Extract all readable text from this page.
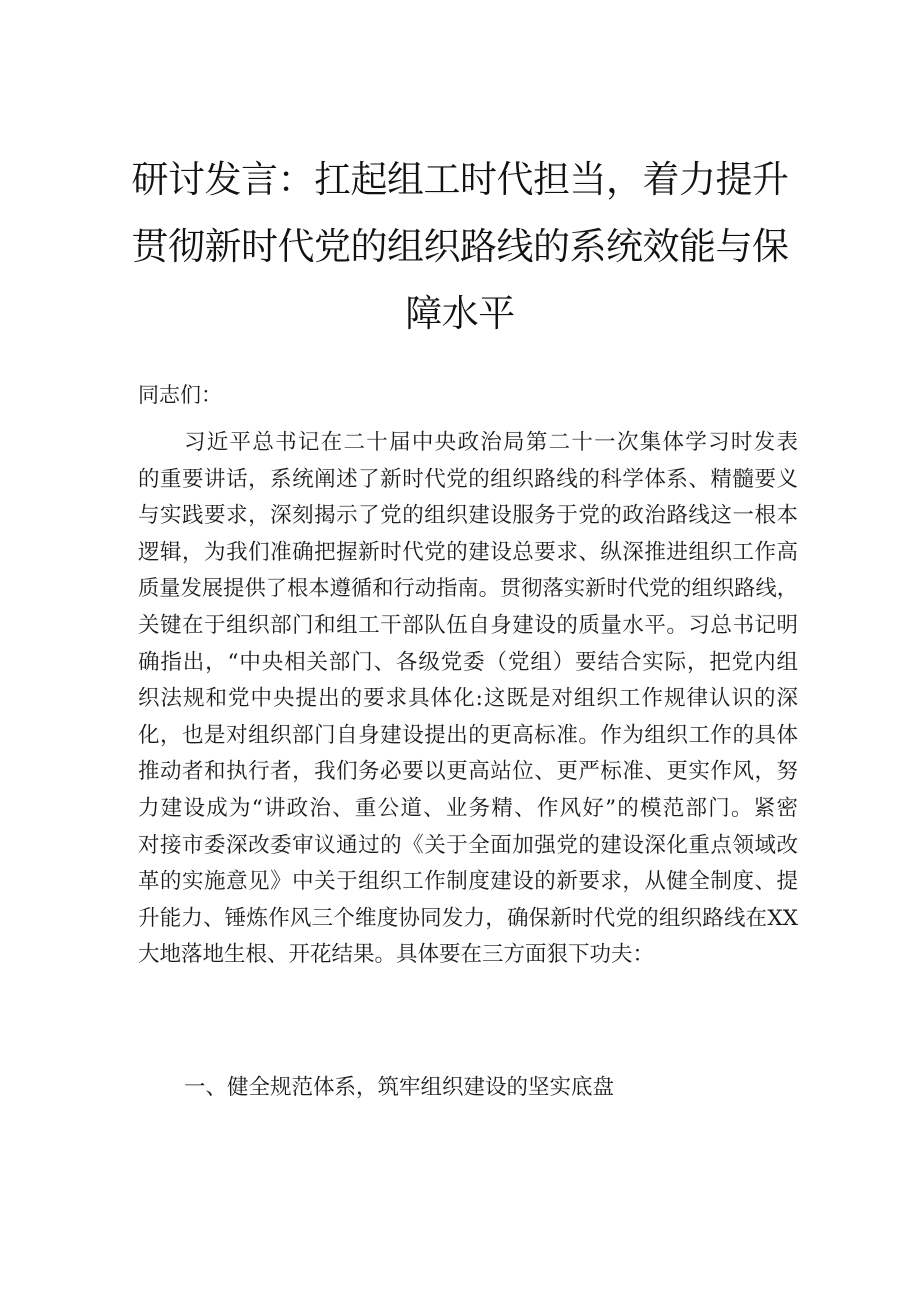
研讨发言：扛起组工时代担当，着力提升
贯彻新时代党的组织路线的系统效能与保
障水平

同志们：

习近平总书记在二十届中央政治局第二十一次集体学习时发表
的重要讲话，系统阐述了新时代党的组织路线的科学体系、精髓要义
与实践要求，深刻揭示了党的组织建设服务于党的政治路线这一根本
逻辑，为我们准确把握新时代党的建设总要求、纵深推进组织工作高
质量发展提供了根本遵循和行动指南。贯彻落实新时代党的组织路线，
关键在于组织部门和组工干部队伍自身建设的质量水平。习总书记明
确指出，“中央相关部门、各级党委（党组）要结合实际，把党内组
织法规和党中央提出的要求具体化:这既是对组织工作规律认识的深
化，也是对组织部门自身建设提出的更高标准。作为组织工作的具体
推动者和执行者，我们务必要以更高站位、更严标准、更实作风，努
力建设成为“讲政治、重公道、业务精、作风好”的模范部门。紧密
对接市委深改委审议通过的《关于全面加强党的建设深化重点领域改
革的实施意见》中关于组织工作制度建设的新要求，从健全制度、提
升能力、锤炼作风三个维度协同发力，确保新时代党的组织路线在XX
大地落地生根、开花结果。具体要在三方面狠下功夫：
一、健全规范体系，筑牢组织建设的坚实底盘
